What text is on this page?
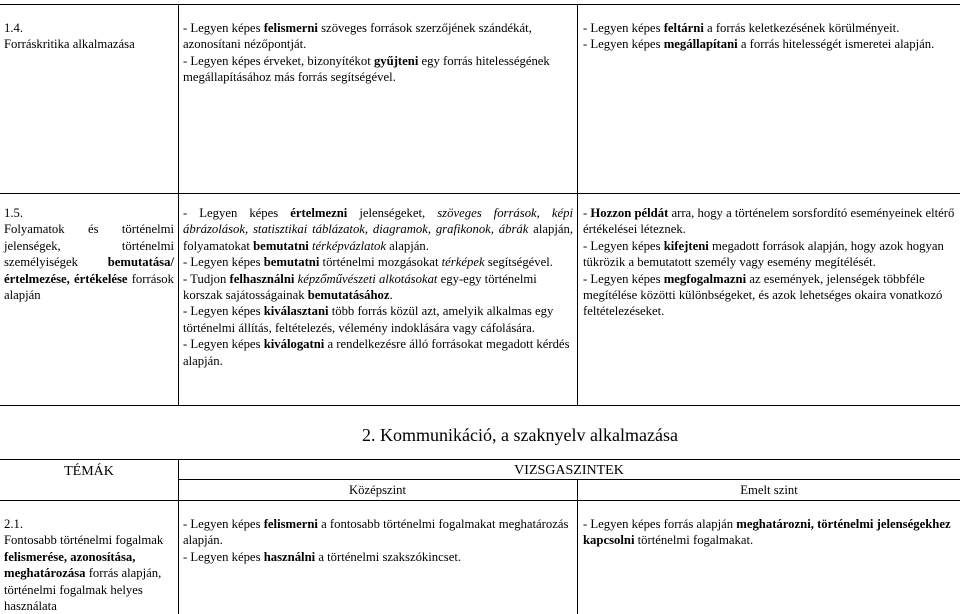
1.4.

Forráskritika alkalmazása

- Legyen képes felismerni szöveges források szerzőjének szándékát, azonosítani nézőpontját.

- Legyen képes érveket, bizonyítékot gyűjteni egy forrás hitelességének megállapításához más forrás segítségével.

- Legyen képes feltárni a forrás keletkezésének körülményeit.

- Legyen képes megállapítani a forrás hitelességét ismeretei alapján.

1.5.

Folyamatok és történelmi jelenségek, történelmi személyiségek bemutatása/értelmezése, értékelése források alapján

- Legyen képes értelmezni jelenségeket, szöveges források, képi ábrázolások, statisztikai táblázatok, diagramok, grafikonok, ábrák alapján, folyamatokat bemutatni térképvázlatok alapján.

- Legyen képes bemutatni történelmi mozgásokat térképek segítségével.

- Tudjon felhasználni képzőművészeti alkotásokat egy-egy történelmi korszak sajátosságainak bemutatásához.

- Legyen képes kiválasztani több forrás közül azt, amelyik alkalmas egy történelmi állítás, feltételezés, vélemény indoklására vagy cáfolására.

- Legyen képes kiválogatni a rendelkezésre álló forrásokat megadott kérdés alapján.

- Hozzon példát arra, hogy a történelem sorsfordító eseményeinek eltérő értékelései léteznek.

- Legyen képes kifejteni megadott források alapján, hogy azok hogyan tükrözik a bemutatott személy vagy esemény megítélését.

- Legyen képes megfogalmazni az események, jelenségek többféle megítélése közötti különbségeket, és azok lehetséges okaira vonatkozó feltételezéseket.

2. Kommunikáció, a szaknyelv alkalmazása
TÉMÁK	VIZSGASZINTEK
Középszint	Emelt szint

2.1.

Fontosabb történelmi fogalmak felismerése, azonosítása, meghatározása forrás alapján, történelmi fogalmak helyes használata

- Legyen képes felismerni a fontosabb történelmi fogalmakat meghatározás alapján.

- Legyen képes használni a történelmi szakszókincset.

- Legyen képes forrás alapján meghatározni, történelmi jelenségekhez kapcsolni történelmi fogalmakat.
